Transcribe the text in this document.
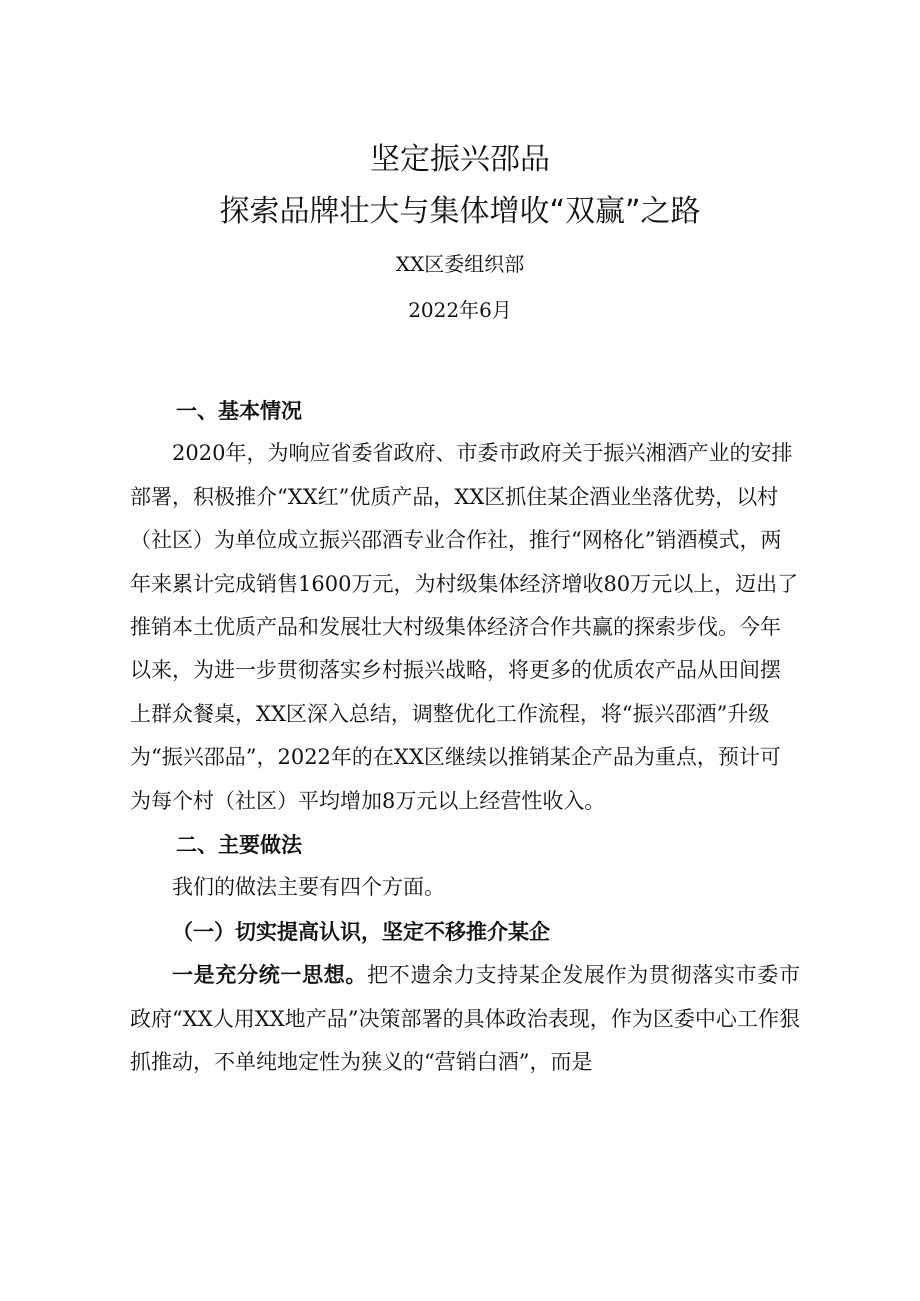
坚定振兴邵品
探索品牌壮大与集体增收“双赢”之路
XX区委组织部
2022年6月

一、基本情况

2020年，为响应省委省政府、市委市政府关于振兴湘酒产业的安排部署，积极推介“XX红”优质产品，XX区抓住某企酒业坐落优势，以村（社区）为单位成立振兴邵酒专业合作社，推行“网格化”销酒模式，两年来累计完成销售1600万元，为村级集体经济增收80万元以上，迈出了推销本土优质产品和发展壮大村级集体经济合作共赢的探索步伐。今年以来，为进一步贯彻落实乡村振兴战略，将更多的优质农产品从田间摆上群众餐桌，XX区深入总结，调整优化工作流程，将“振兴邵酒”升级为“振兴邵品”，2022年的在XX区继续以推销某企产品为重点，预计可为每个村（社区）平均增加8万元以上经营性收入。

二、主要做法

我们的做法主要有四个方面。

（一）切实提高认识，坚定不移推介某企

一是充分统一思想。把不遗余力支持某企发展作为贯彻落实市委市政府“XX人用XX地产品”决策部署的具体政治表现，作为区委中心工作狠抓推动，不单纯地定性为狭义的“营销白酒”，而是
